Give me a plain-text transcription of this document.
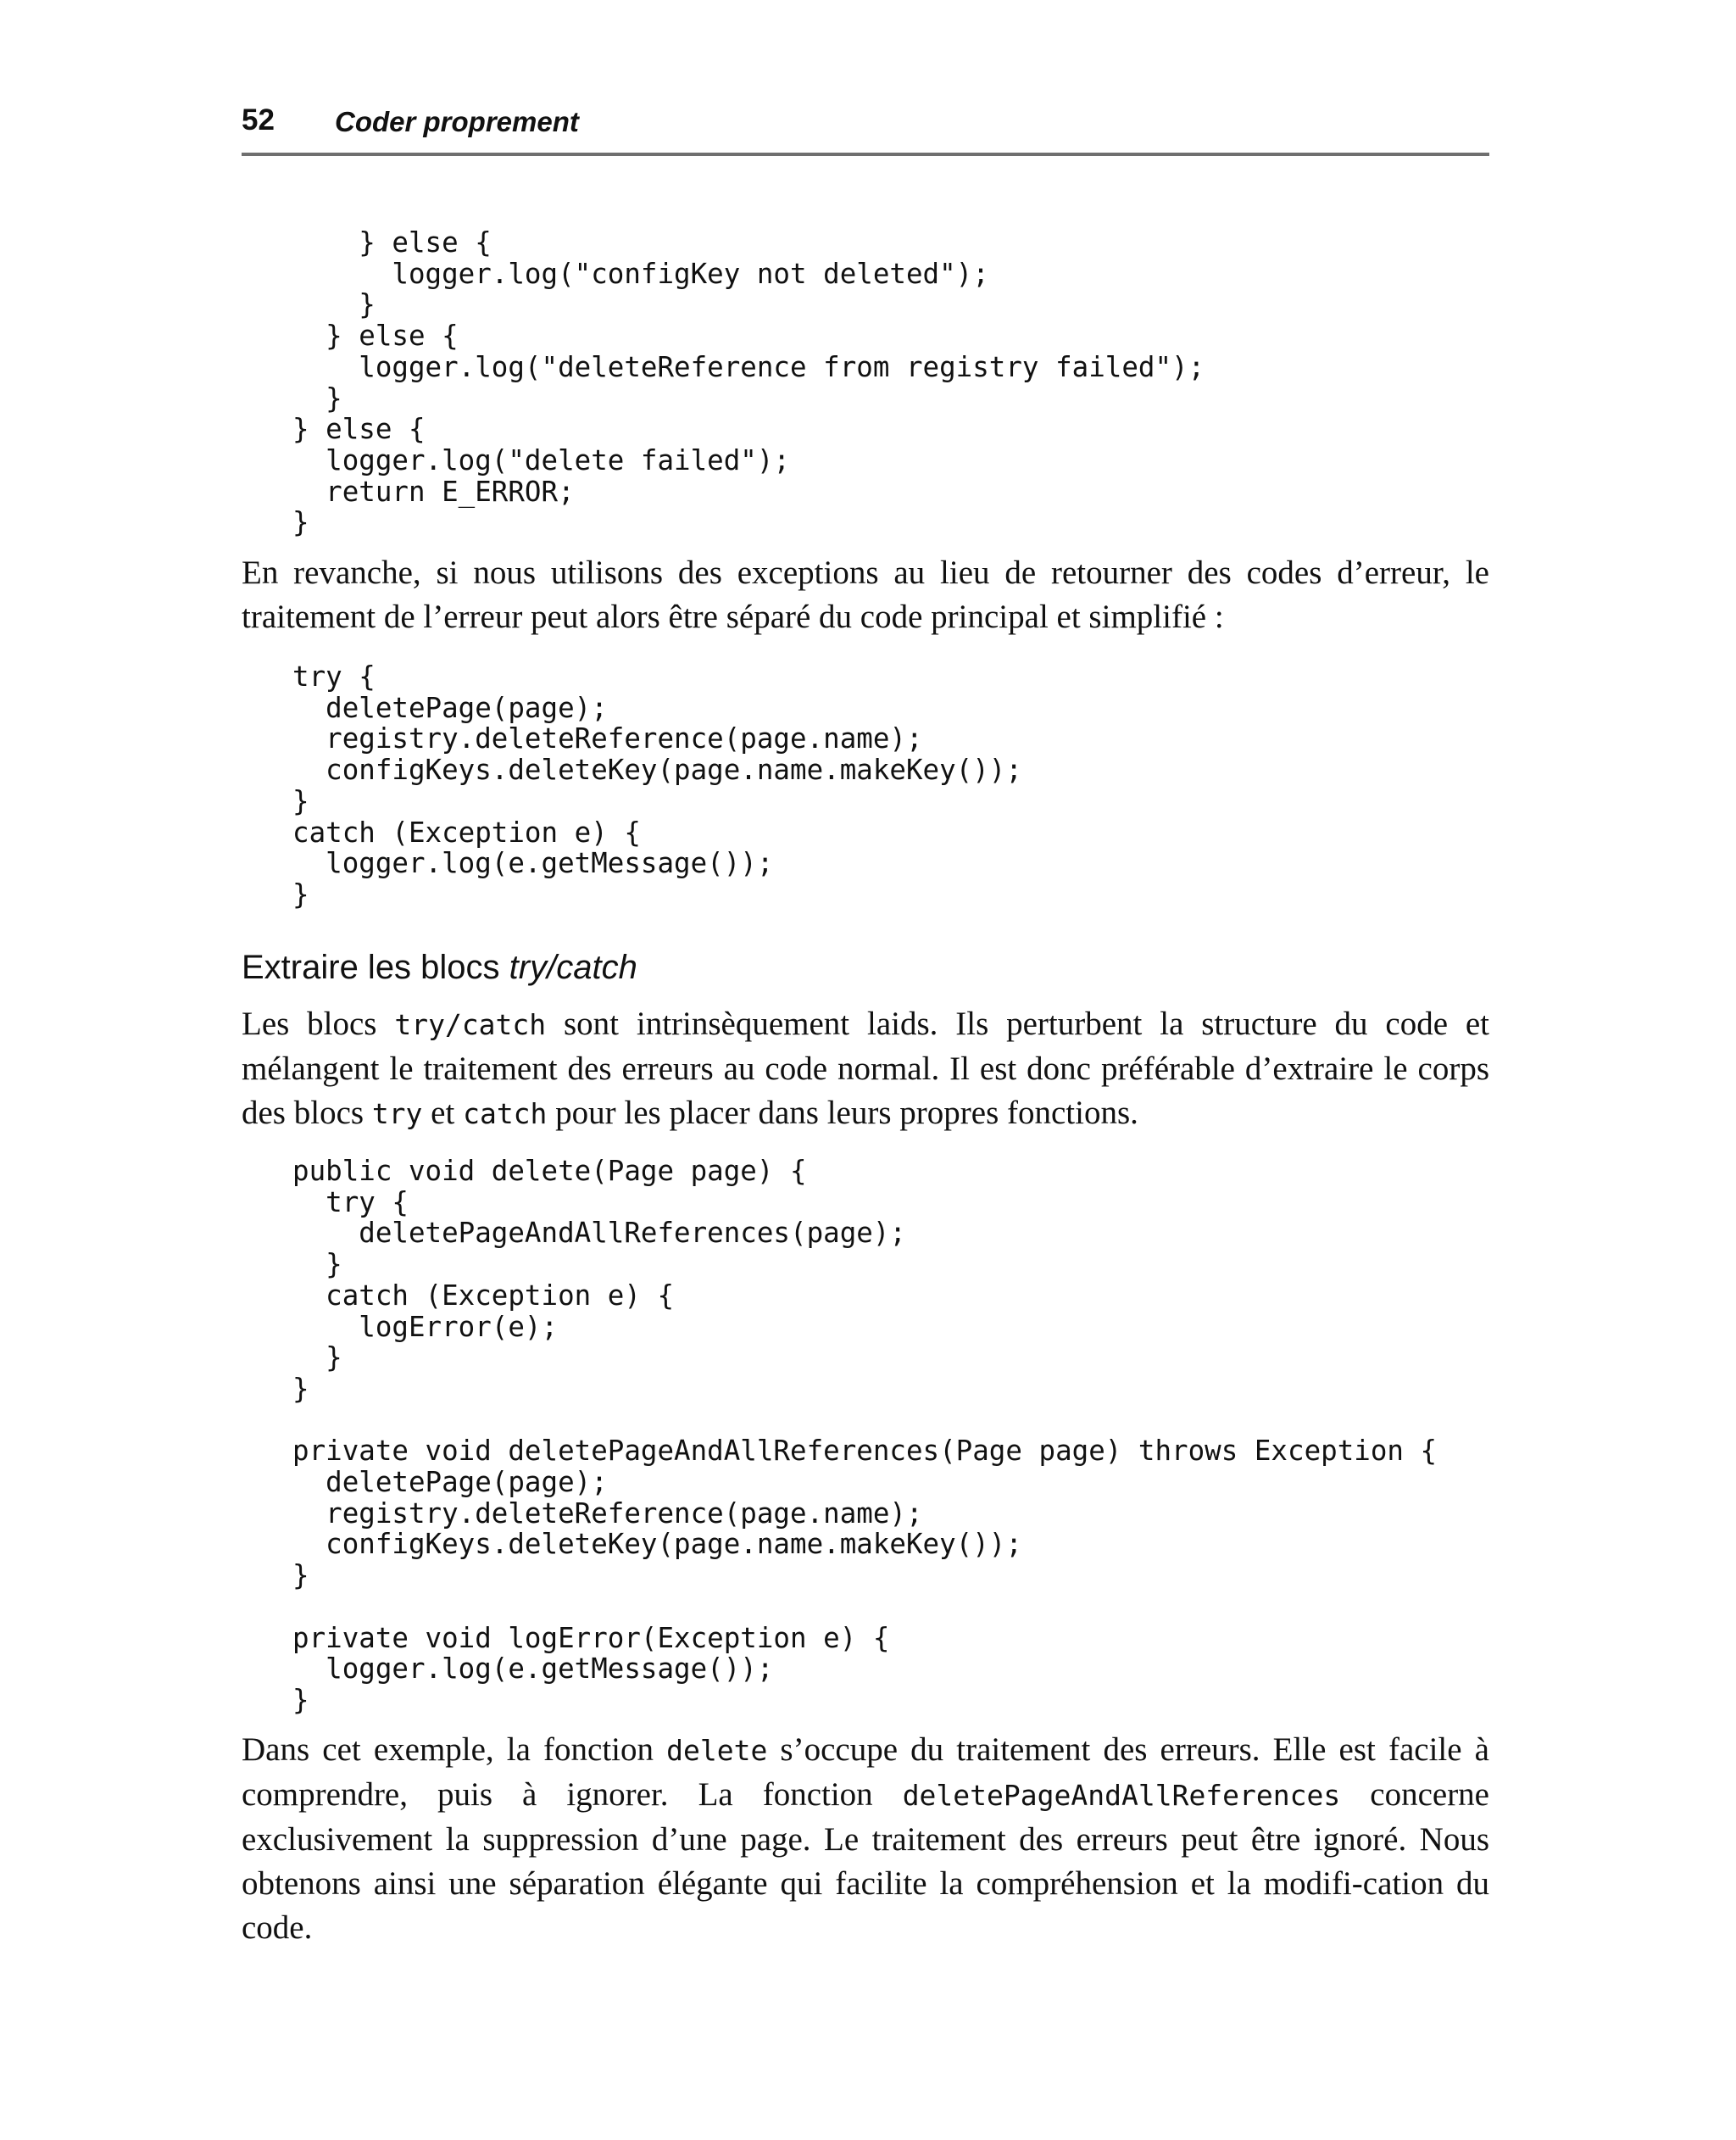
52 Coder proprement
} else {
logger.log("configKey not deleted");
}
} else {
logger.log("deleteReference from registry failed");
}
} else {
logger.log("delete failed");
return E_ERROR;
}

En revanche, si nous utilisons des exceptions au lieu de retourner des codes d’erreur, le traitement de l’erreur peut alors être séparé du code principal et simplifié :

try {
deletePage(page);
registry.deleteReference(page.name);
configKeys.deleteKey(page.name.makeKey());
}
catch (Exception e) {
logger.log(e.getMessage());
}
Extraire les blocs try/catch

Les blocs try/catch sont intrinsèquement laids. Ils perturbent la structure du code et mélangent le traitement des erreurs au code normal. Il est donc préférable d’extraire le corps des blocs try et catch pour les placer dans leurs propres fonctions.

public void delete(Page page) {
try {
deletePageAndAllReferences(page);
}
catch (Exception e) {
logError(e);
}
}

private void deletePageAndAllReferences(Page page) throws Exception {
deletePage(page);
registry.deleteReference(page.name);
configKeys.deleteKey(page.name.makeKey());
}

private void logError(Exception e) {
logger.log(e.getMessage());
}

Dans cet exemple, la fonction delete s’occupe du traitement des erreurs. Elle est facile à comprendre, puis à ignorer. La fonction deletePageAndAllReferences concerne exclusivement la suppression d’une page. Le traitement des erreurs peut être ignoré. Nous obtenons ainsi une séparation élégante qui facilite la compréhension et la modifi-cation du code.
